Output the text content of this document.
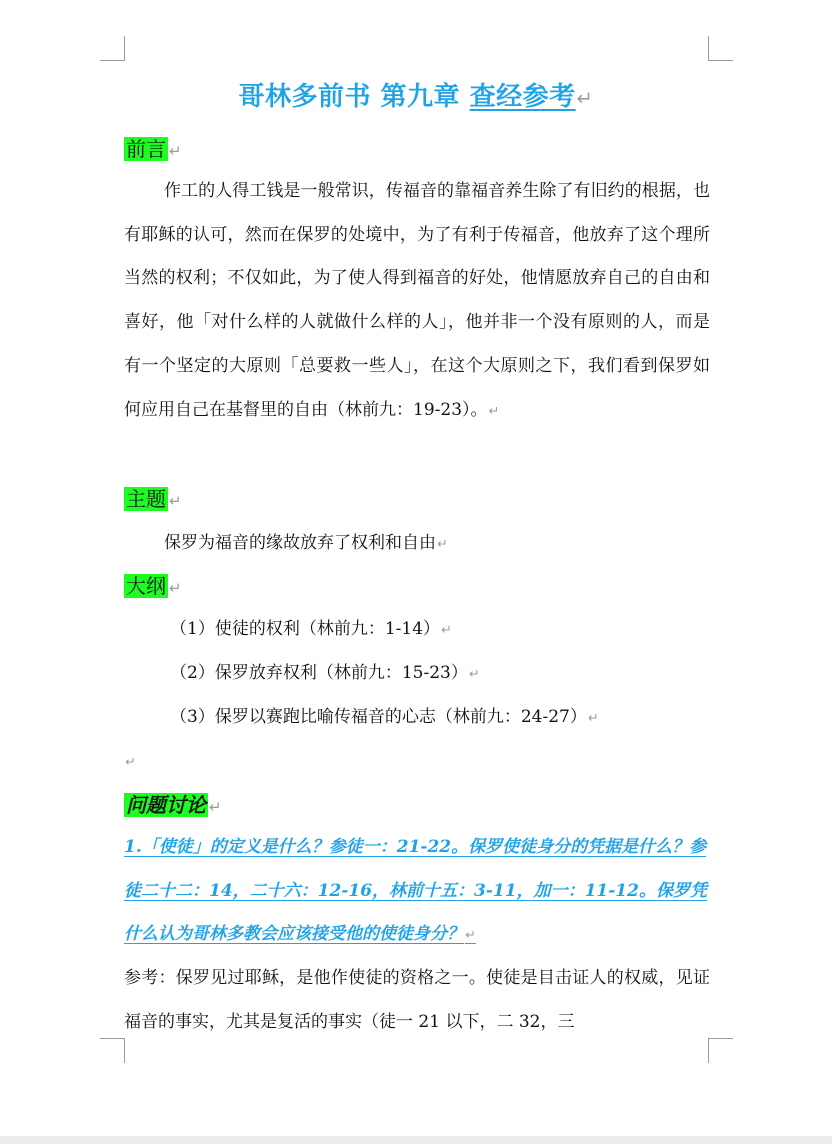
哥林多前书 第九章 查经参考↵
前言 ↵
作工的人得工钱是一般常识，传福音的靠福音养生除了有旧约的根据，也有耶稣的认可，然而在保罗的处境中，为了有利于传福音，他放弃了这个理所当然的权利；不仅如此，为了使人得到福音的好处，他情愿放弃自己的自由和喜好，他「对什么样的人就做什么样的人」，他并非一个没有原则的人，而是有一个坚定的大原则「总要救一些人」，在这个大原则之下，我们看到保罗如何应用自己在基督里的自由（林前九：19-23）。↵
主题 ↵
保罗为福音的缘故放弃了权利和自由↵
大纲 ↵
（1）使徒的权利（林前九：1-14）↵
（2）保罗放弃权利（林前九：15-23）↵
（3）保罗以赛跑比喻传福音的心志（林前九：24-27）↵
↵
问题讨论 ↵
1.「使徒」的定义是什么？参徒一：21-22。保罗使徒身分的凭据是什么？参徒二十二：14，二十六：12-16，林前十五：3-11，加一：11-12。保罗凭什么认为哥林多教会应该接受他的使徒身分？↵
参考：保罗见过耶稣，是他作使徒的资格之一。使徒是目击证人的权威，见证福音的事实，尤其是复活的事实（徒一 21 以下，二 32，三
